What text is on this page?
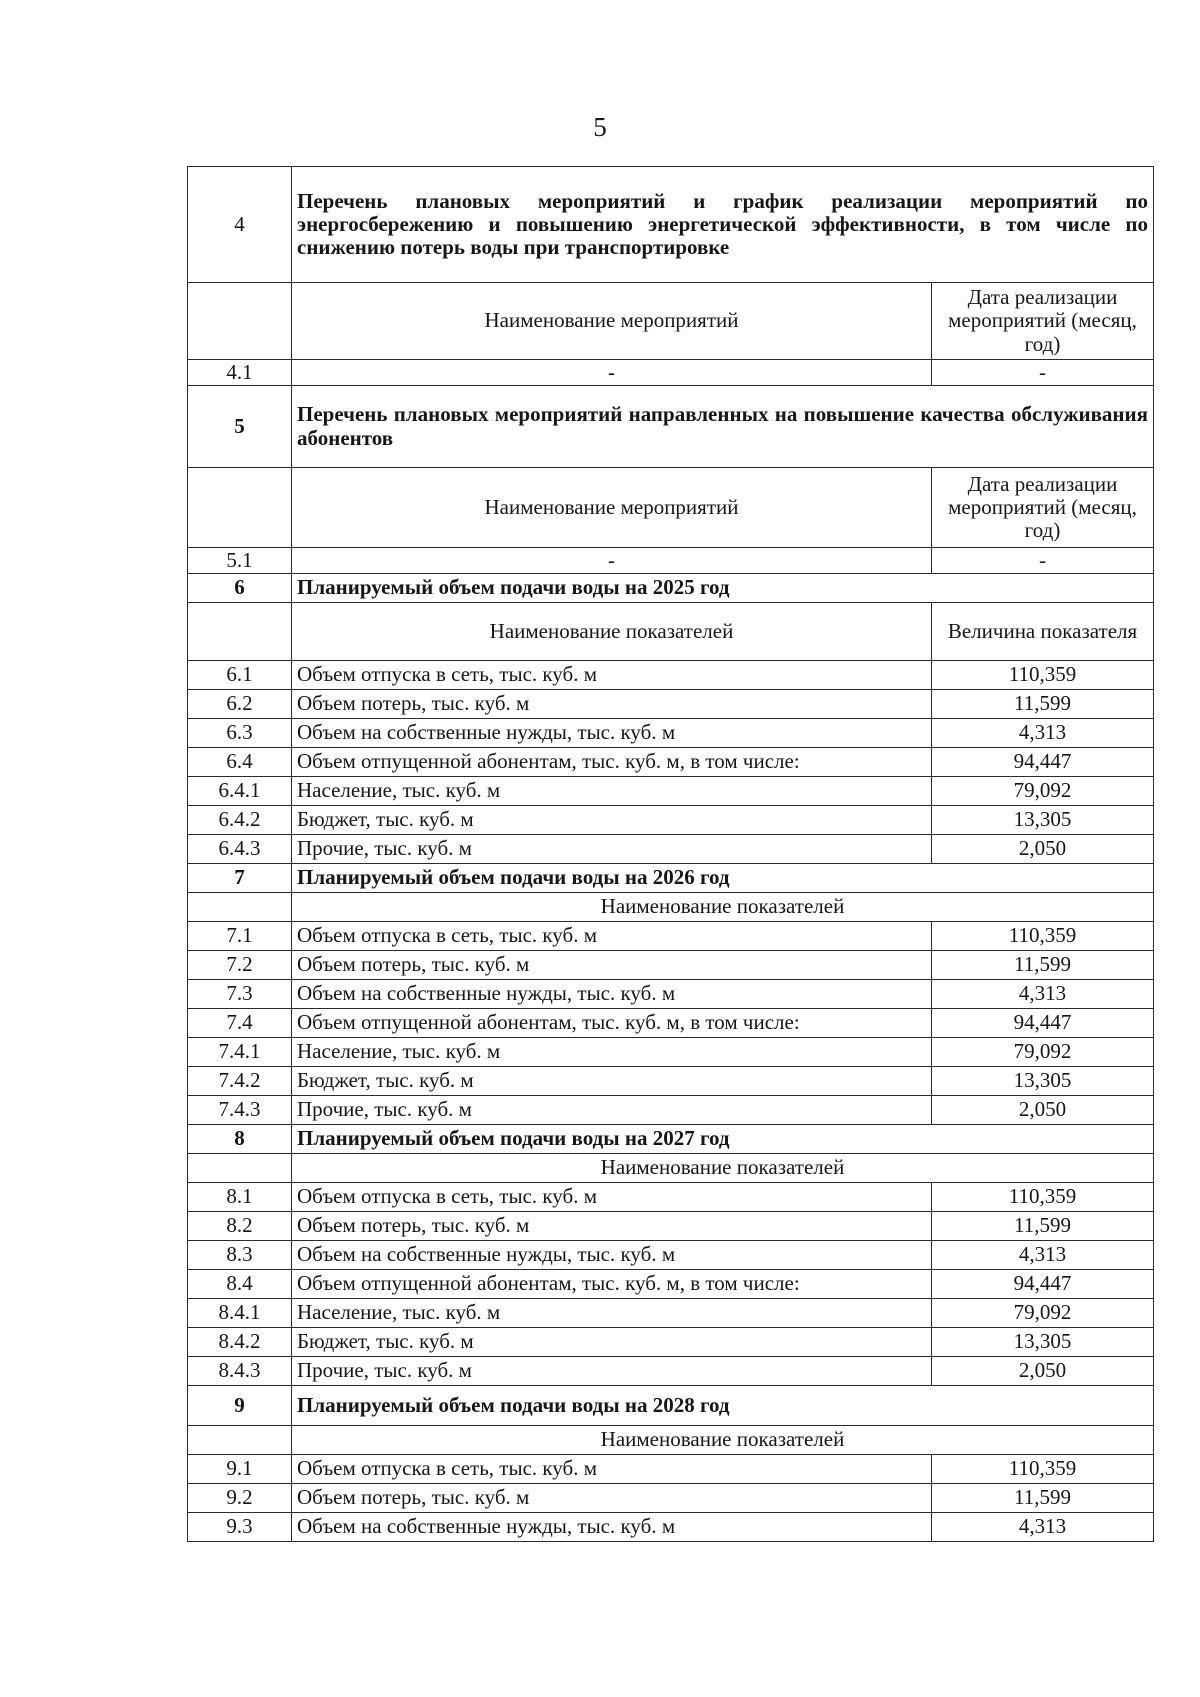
5
4	Перечень плановых мероприятий и график реализации мероприятий по энергосбережению и повышению энергетической эффективности, в том числе по снижению потерь воды при транспортировке	
	Наименование мероприятий	Дата реализации мероприятий (месяц, год)
4.1	-	-
5	Перечень плановых мероприятий направленных на повышение качества обслуживания абонентов	
	Наименование мероприятий	Дата реализации мероприятий (месяц, год)
5.1	-	-
6	Планируемый объем подачи воды на 2025 год	
	Наименование показателей	Величина показателя
6.1	Объем отпуска в сеть, тыс. куб. м	110,359
6.2	Объем потерь, тыс. куб. м	11,599
6.3	Объем на собственные нужды, тыс. куб. м	4,313
6.4	Объем отпущенной абонентам, тыс. куб. м, в том числе:	94,447
6.4.1	Население, тыс. куб. м	79,092
6.4.2	Бюджет, тыс. куб. м	13,305
6.4.3	Прочие, тыс. куб. м	2,050
7	Планируемый объем подачи воды на 2026 год	
	Наименование показателей	
7.1	Объем отпуска в сеть, тыс. куб. м	110,359
7.2	Объем потерь, тыс. куб. м	11,599
7.3	Объем на собственные нужды, тыс. куб. м	4,313
7.4	Объем отпущенной абонентам, тыс. куб. м, в том числе:	94,447
7.4.1	Население, тыс. куб. м	79,092
7.4.2	Бюджет, тыс. куб. м	13,305
7.4.3	Прочие, тыс. куб. м	2,050
8	Планируемый объем подачи воды на 2027 год	
	Наименование показателей	
8.1	Объем отпуска в сеть, тыс. куб. м	110,359
8.2	Объем потерь, тыс. куб. м	11,599
8.3	Объем на собственные нужды, тыс. куб. м	4,313
8.4	Объем отпущенной абонентам, тыс. куб. м, в том числе:	94,447
8.4.1	Население, тыс. куб. м	79,092
8.4.2	Бюджет, тыс. куб. м	13,305
8.4.3	Прочие, тыс. куб. м	2,050
9	Планируемый объем подачи воды на 2028 год	
	Наименование показателей	
9.1	Объем отпуска в сеть, тыс. куб. м	110,359
9.2	Объем потерь, тыс. куб. м	11,599
9.3	Объем на собственные нужды, тыс. куб. м	4,313
